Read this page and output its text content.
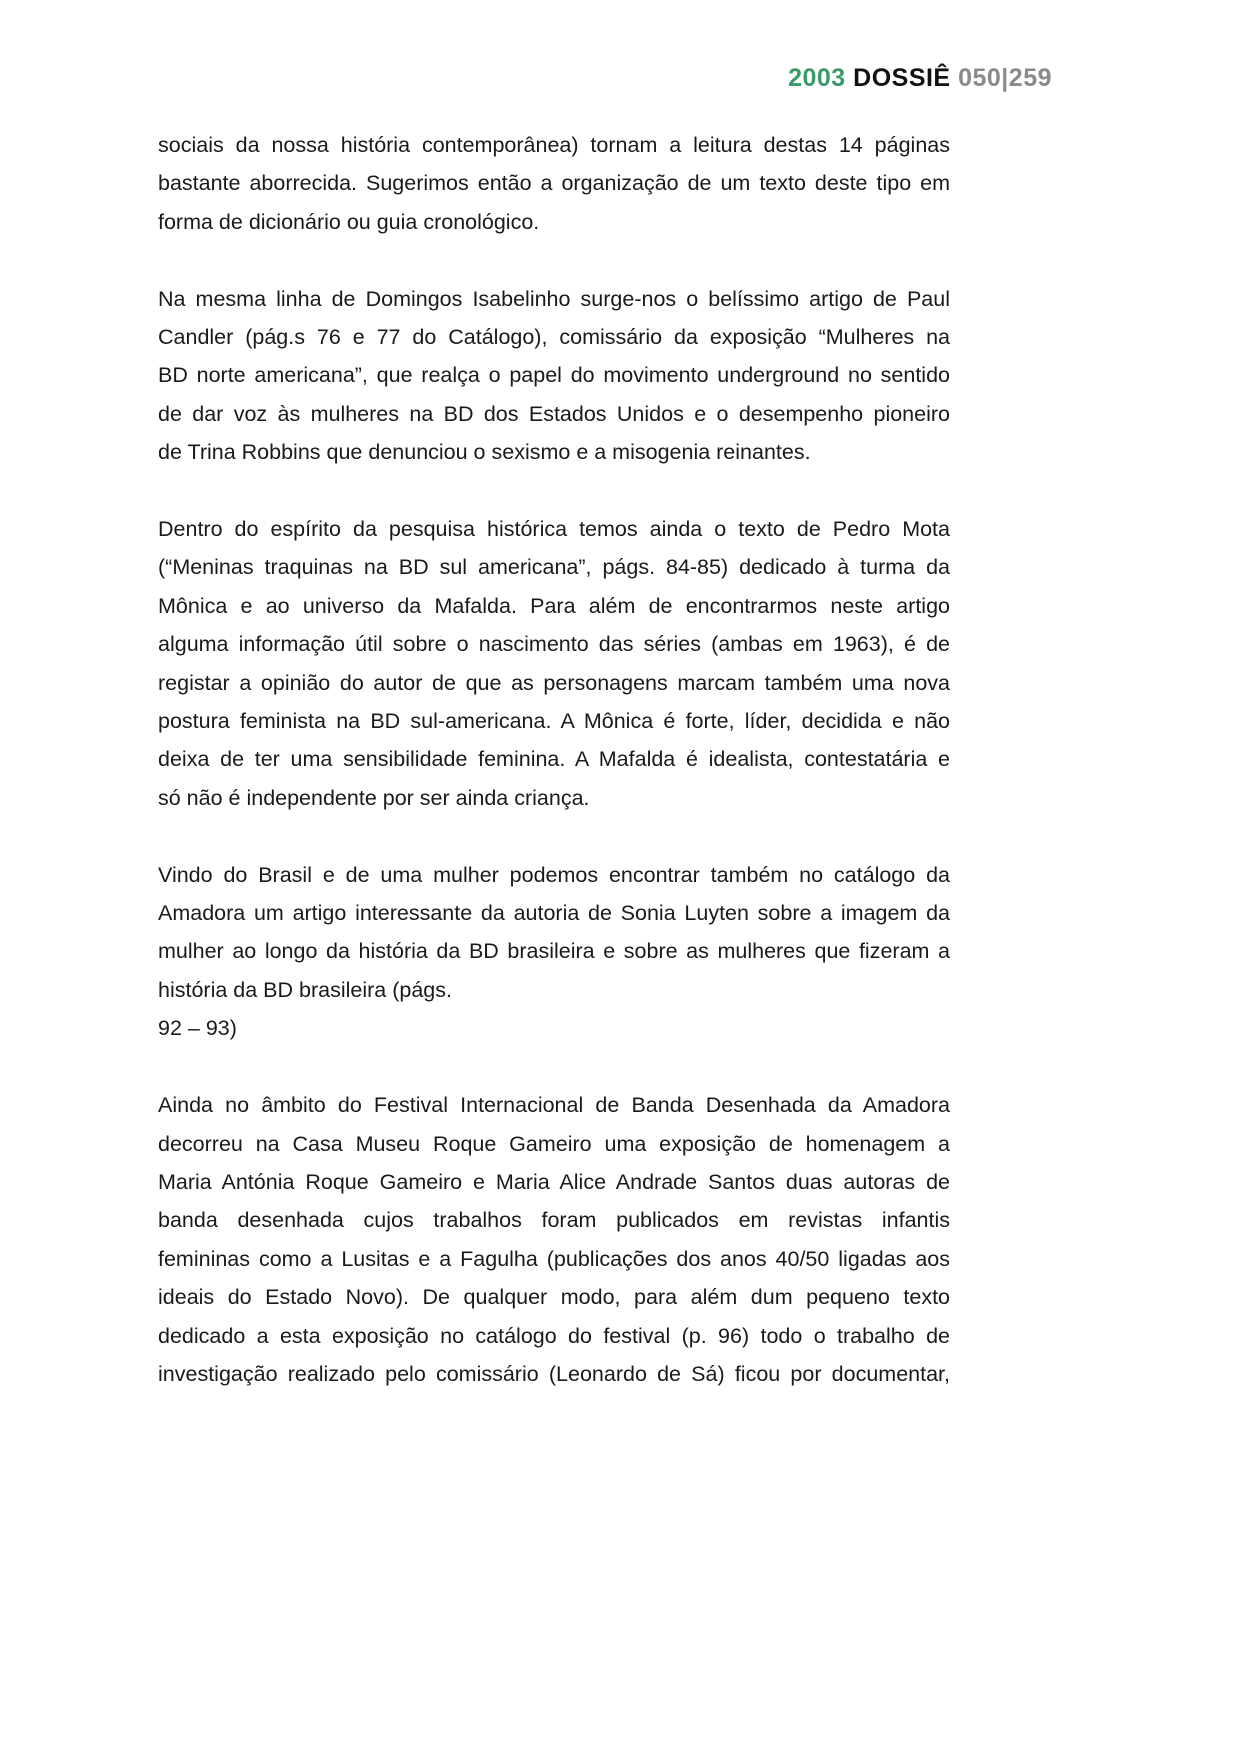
2003 DOSSIÊ 050|259
sociais da nossa história contemporânea) tornam a leitura destas 14 páginas
bastante aborrecida. Sugerimos então a organização de um texto deste tipo em
forma de dicionário ou guia cronológico.
Na mesma linha de Domingos Isabelinho surge-nos o belíssimo artigo de Paul
Candler (pág.s 76 e 77 do Catálogo), comissário da exposição “Mulheres na
BD norte americana”, que realça o papel do movimento underground no sentido
de dar voz às mulheres na BD dos Estados Unidos e o desempenho pioneiro
de Trina Robbins que denunciou o sexismo e a misogenia reinantes.
Dentro do espírito da pesquisa histórica temos ainda o texto de Pedro Mota
(“Meninas traquinas na BD sul americana”, págs. 84-85) dedicado à turma da
Mônica e ao universo da Mafalda. Para além de encontrarmos neste artigo
alguma informação útil sobre o nascimento das séries (ambas em 1963), é de
registar a opinião do autor de que as personagens marcam também uma nova
postura feminista na BD sul-americana. A Mônica é forte, líder, decidida e não
deixa de ter uma sensibilidade feminina. A Mafalda é idealista, contestatária e
só não é independente por ser ainda criança.
Vindo do Brasil e de uma mulher podemos encontrar também no catálogo da
Amadora um artigo interessante da autoria de Sonia Luyten sobre a imagem da
mulher ao longo da história da BD brasileira e sobre as mulheres que fizeram a
história da BD brasileira (págs.
92 – 93)
Ainda no âmbito do Festival Internacional de Banda Desenhada da Amadora
decorreu na Casa Museu Roque Gameiro uma exposição de homenagem a
Maria Antónia Roque Gameiro e Maria Alice Andrade Santos duas autoras de
banda desenhada cujos trabalhos foram publicados em revistas infantis
femininas como a Lusitas e a Fagulha (publicações dos anos 40/50 ligadas aos
ideais do Estado Novo). De qualquer modo, para além dum pequeno texto
dedicado a esta exposição no catálogo do festival (p. 96) todo o trabalho de
investigação realizado pelo comissário (Leonardo de Sá) ficou por documentar,
